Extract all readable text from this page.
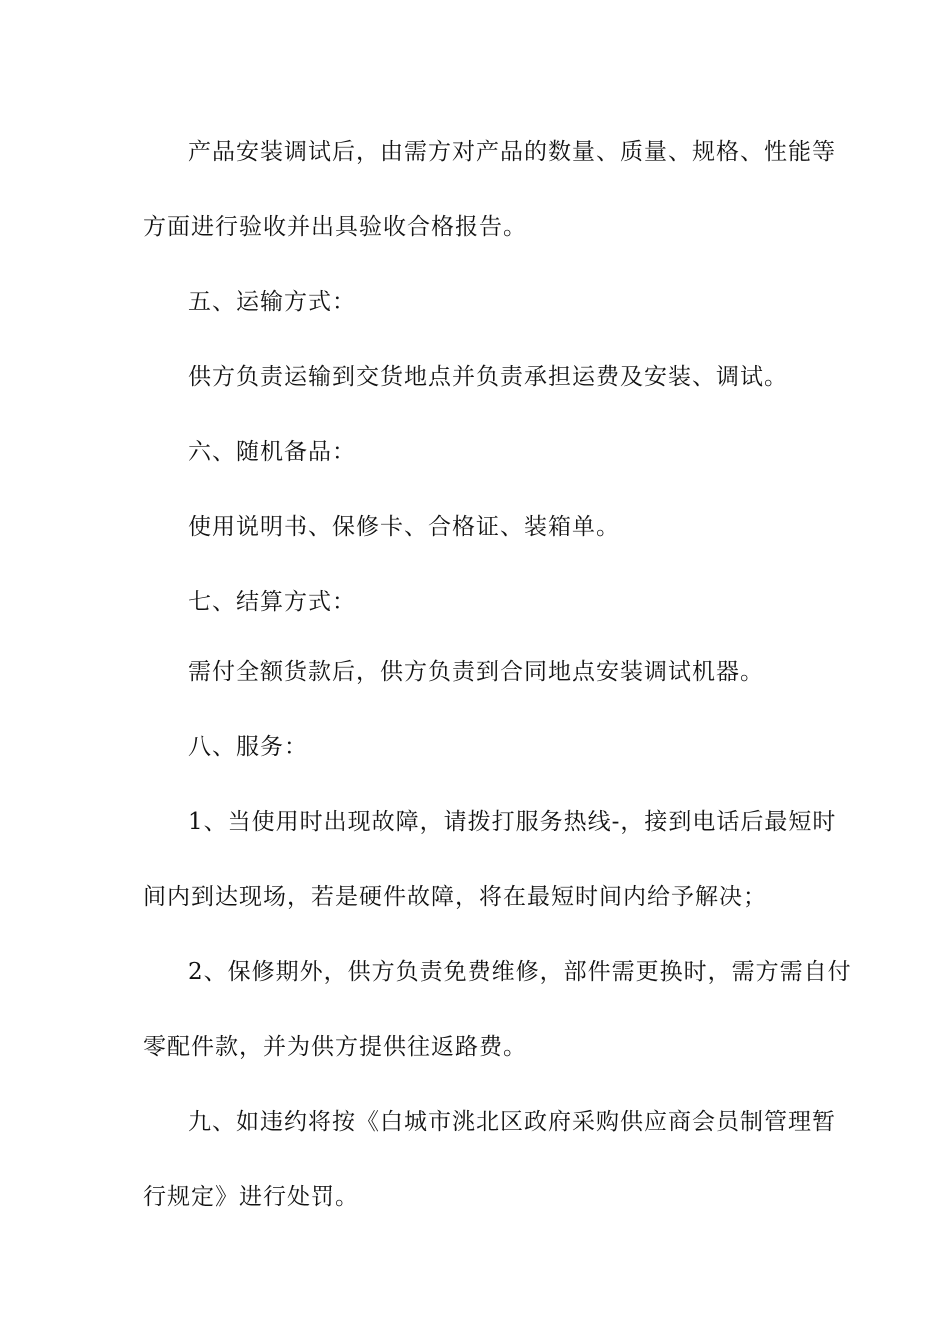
产品安装调试后，由需方对产品的数量、质量、规格、性能等
方面进行验收并出具验收合格报告。
五、运输方式：
供方负责运输到交货地点并负责承担运费及安装、调试。
六、随机备品：
使用说明书、保修卡、合格证、装箱单。
七、结算方式：
需付全额货款后，供方负责到合同地点安装调试机器。
八、服务：
1、当使用时出现故障，请拨打服务热线-，接到电话后最短时
间内到达现场，若是硬件故障，将在最短时间内给予解决；
2、保修期外，供方负责免费维修，部件需更换时，需方需自付
零配件款，并为供方提供往返路费。
九、如违约将按《白城市洮北区政府采购供应商会员制管理暂
行规定》进行处罚。
